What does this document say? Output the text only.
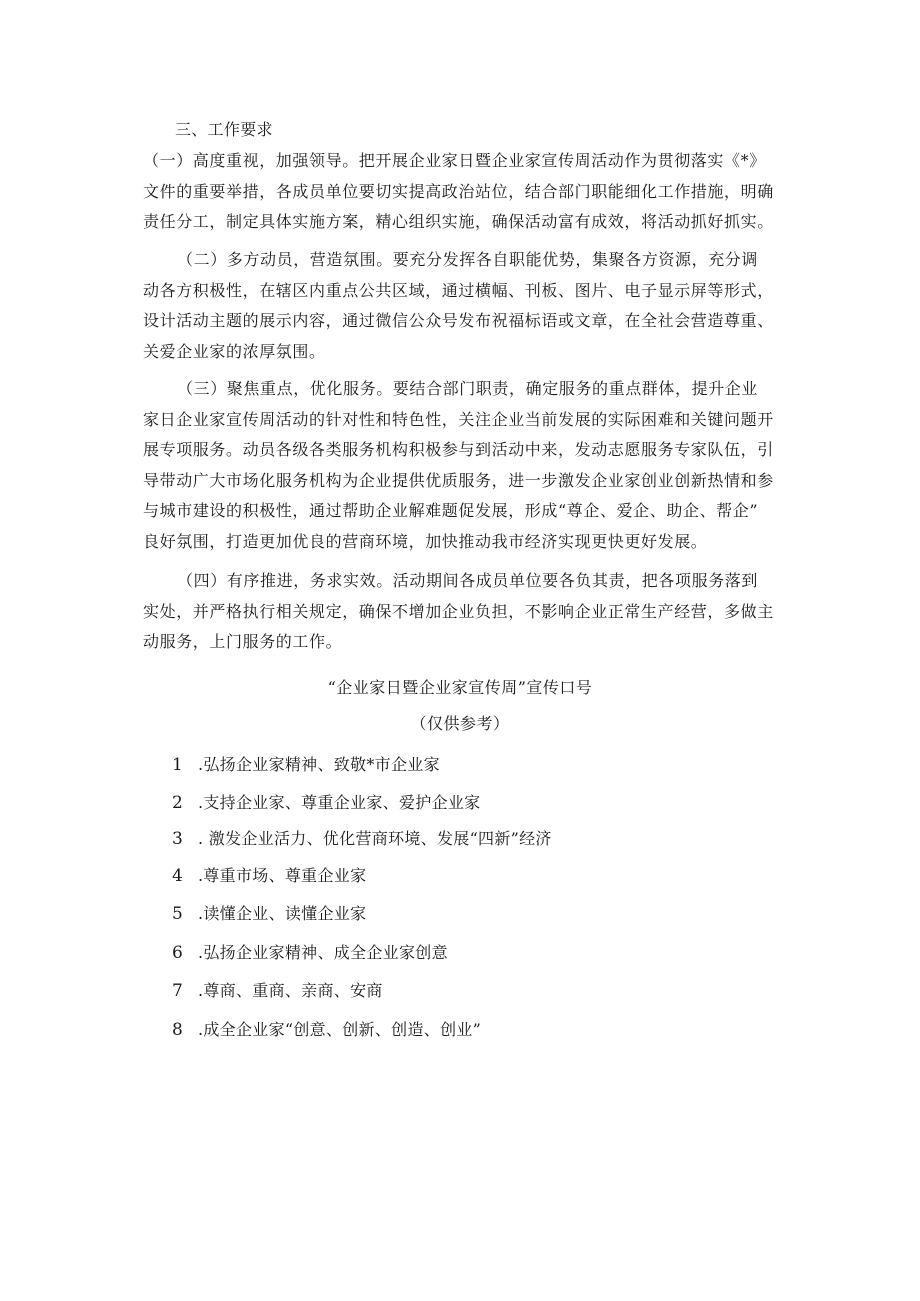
三、工作要求
（一）高度重视，加强领导。把开展企业家日暨企业家宣传周活动作为贯彻落实《*》
文件的重要举措，各成员单位要切实提高政治站位，结合部门职能细化工作措施，明确
责任分工，制定具体实施方案，精心组织实施，确保活动富有成效，将活动抓好抓实。
（二）多方动员，营造氛围。要充分发挥各自职能优势，集聚各方资源，充分调
动各方积极性，在辖区内重点公共区域，通过横幅、刊板、图片、电子显示屏等形式，
设计活动主题的展示内容，通过微信公众号发布祝福标语或文章，在全社会营造尊重、
关爱企业家的浓厚氛围。
（三）聚焦重点，优化服务。要结合部门职责，确定服务的重点群体，提升企业
家日企业家宣传周活动的针对性和特色性，关注企业当前发展的实际困难和关键问题开
展专项服务。动员各级各类服务机构积极参与到活动中来，发动志愿服务专家队伍，引
导带动广大市场化服务机构为企业提供优质服务，进一步激发企业家创业创新热情和参
与城市建设的积极性，通过帮助企业解难题促发展，形成“尊企、爱企、助企、帮企”
良好氛围，打造更加优良的营商环境，加快推动我市经济实现更快更好发展。
（四）有序推进，务求实效。活动期间各成员单位要各负其责，把各项服务落到
实处，并严格执行相关规定，确保不增加企业负担，不影响企业正常生产经营，多做主
动服务，上门服务的工作。
“企业家日暨企业家宣传周”宣传口号
（仅供参考）
1 .弘扬企业家精神、致敬*市企业家
2 .支持企业家、尊重企业家、爱护企业家
3 . 激发企业活力、优化营商环境、发展“四新”经济
4 .尊重市场、尊重企业家
5 .读懂企业、读懂企业家
6 .弘扬企业家精神、成全企业家创意
7 .尊商、重商、亲商、安商
8 .成全企业家“创意、创新、创造、创业”
